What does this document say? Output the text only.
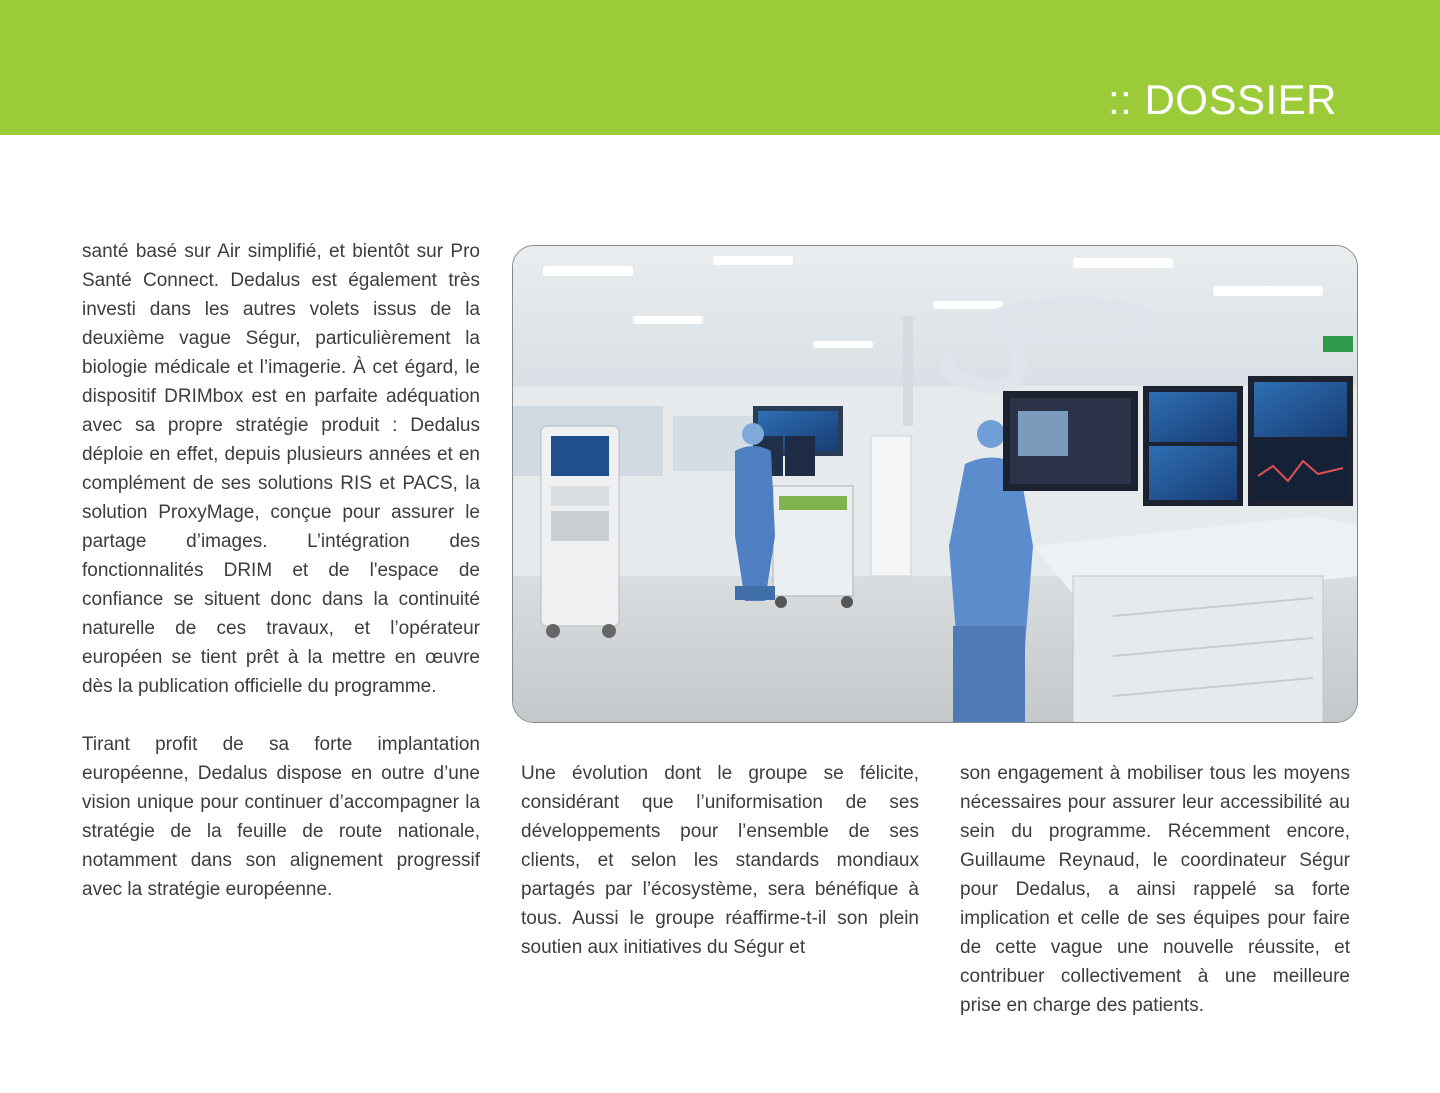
:: DOSSIER

santé basé sur Air simplifié, et bientôt sur Pro Santé Connect. Dedalus est également très investi dans les autres volets issus de la deuxième vague Ségur, particulièrement la biologie médicale et l’imagerie. À cet égard, le dispositif DRIMbox est en parfaite adéquation avec sa propre stratégie produit : Dedalus déploie en effet, depuis plusieurs années et en complément de ses solutions RIS et PACS, la solution ProxyMage, conçue pour assurer le partage d’images. L’intégration des fonctionnalités DRIM et de l'espace de confiance se situent donc dans la continuité naturelle de ces travaux, et l’opérateur européen se tient prêt à la mettre en œuvre dès la publication officielle du programme.

Tirant profit de sa forte implantation européenne, Dedalus dispose en outre d’une vision unique pour continuer d’accompagner la stratégie de la feuille de route nationale, notamment dans son alignement progressif avec la stratégie européenne.

Une évolution dont le groupe se félicite, considérant que l’uniformisation de ses développements pour l’ensemble de ses clients, et selon les standards mondiaux partagés par l’écosystème, sera bénéfique à tous. Aussi le groupe réaffirme-t-il son plein soutien aux initiatives du Ségur et

son engagement à mobiliser tous les moyens nécessaires pour assurer leur accessibilité au sein du programme. Récemment encore, Guillaume Reynaud, le coordinateur Ségur pour Dedalus, a ainsi rappelé sa forte implication et celle de ses équipes pour faire de cette vague une nouvelle réussite, et contribuer collectivement à une meilleure prise en charge des patients.
